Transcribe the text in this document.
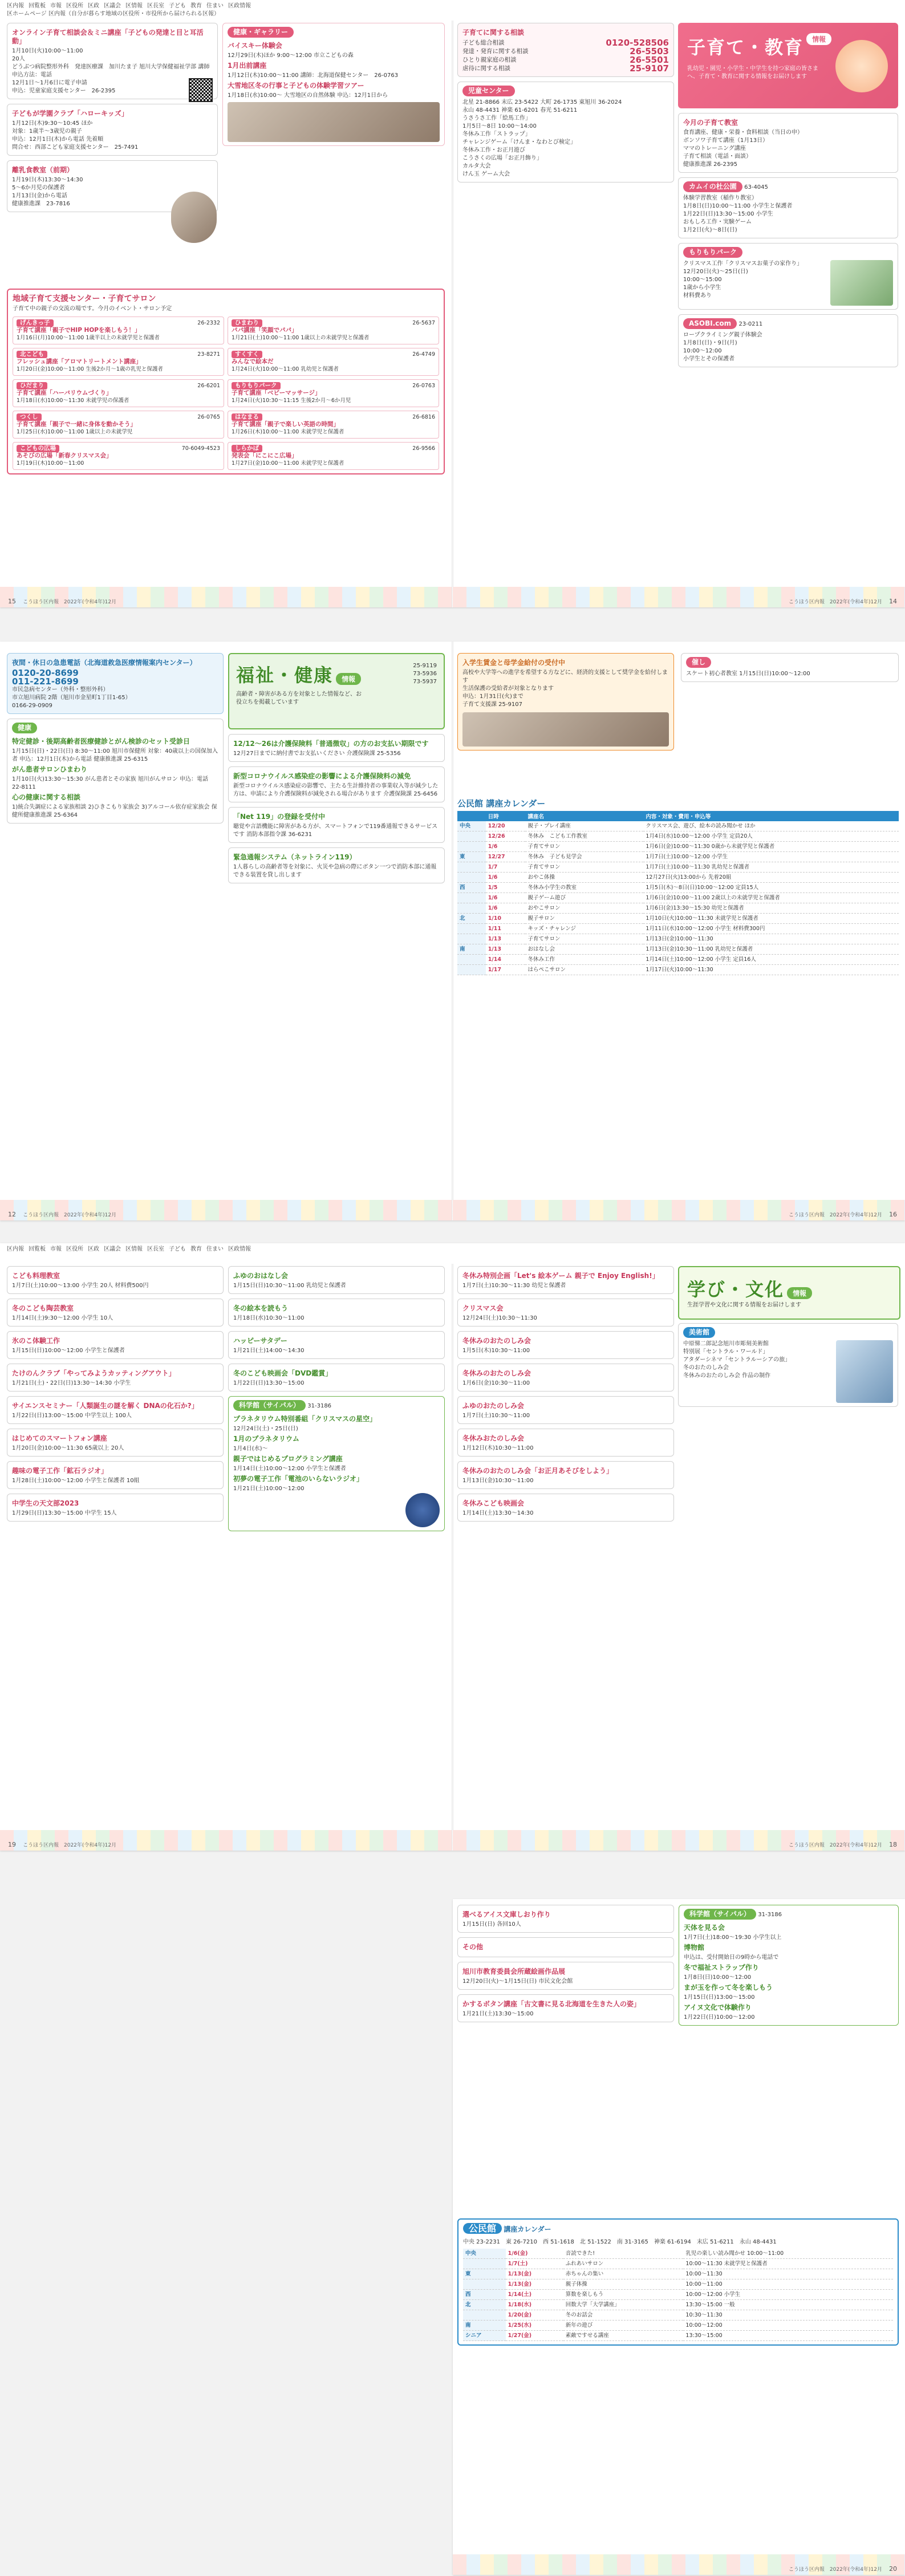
区内報 回覧板 市報 区役所 区政 区議会 区情報 区長室 子ども 教育 住まい 区政情報
区ホームページ 区内報（自分が暮らす地域の区役所・市役所から届けられる区報）
オンライン子育て相談会＆ミニ講座「子どもの発達と目と耳活動」
1月10日(火)10:00～11:00
20人
どうぶつ病院整形外科　発達医療課　加川たま子 旭川大学保健福祉学部 講師
申込方法：電話
12月1日～1月6日に電子申請
申込：児童家庭支援センター　26-2395
子どもが学園クラブ「ハローキッズ」
1月12日(木)9:30～10:45 ほか
対象：1歳半～3歳児の親子
申込：12月1日(木)から電話 先着順
問合せ：西部こども家庭支援センター　25-7491
離乳食教室（前期）
1月19日(木)13:30～14:30
5～6か月児の保護者
1月13日(金)から電話
健康推進課　23-7816
健康・ギャラリー
バイスキー体験会
12月29日(木)ほか 9:00～12:00 市立こどもの森
1月出前講座
1月12日(木)10:00～11:00 講師：北海道保健センター　26-0763
大雪地区冬の行事と子どもの体験学習ツアー
1月18日(水)10:00～ 大雪地区の自然体験 申込：12月1日から
地域子育て支援センター・子育てサロン
子育て中の親子の交流の場です。今月のイベント・サロン予定
げんきっ子	26-2332
子育て講座「親子でHIP HOPを楽しもう！」
1月16日(月)10:00～11:00 1歳半以上の未就学児と保護者
ひまわり	26-5637
パパ講座「笑顔でパパ」
1月21日(土)10:00～11:00 1歳以上の未就学児と保護者
北こども	23-8271
フレッシュ講座「アロマトリートメント講座」
1月20日(金)10:00～11:00 生後2か月～1歳の乳児と保護者
すくすく	26-4749
みんなで絵本だ
1月24日(火)10:00～11:00 乳幼児と保護者
ひだまり	26-6201
子育て講座「ハーバリウムづくり」
1月18日(水)10:00～11:30 未就学児の保護者
もりもりパーク	26-0763
子育て講座「ベビーマッサージ」
1月24日(火)10:30～11:15 生後2か月～6か月児
つくし	26-0765
子育て講座「親子で一緒に身体を動かそう」
1月25日(水)10:00～11:00 1歳以上の未就学児
はなまる	26-6816
子育て講座「親子で楽しい英語の時間」
1月26日(木)10:00～11:00 未就学児と保護者
こどもの広場	70-6049-4523
あそびの広場「新春クリスマス会」
1月19日(木)10:00～11:00
しらかば	26-9566
発表会「にこにこ広場」
1月27日(金)10:00～11:00 未就学児と保護者
15 こうほう区内報　2022年(令和4年)12月
子育てに関する相談
子ども総合相談	0120-528506
発達・発育に関する相談	26-5503
ひとり親家庭の相談	26-5501
虐待に関する相談	25-9107
児童センター
北星 21-8866 末広 23-5422 大町 26-1735 東旭川 36-2024
永山 48-4431 神楽 61-6201 春光 51-6211
うさうさ工作「絵馬工作」
1月5日～8日 10:00～14:00
冬休み工作「ストラップ」
チャレンジゲーム「けんま・なわとび検定」
冬休み工作・お正月遊び
こうさくの広場「お正月飾り」
カルタ大会
けん玉 ゲーム大会
子育て・教育 情報
乳幼児・園児・小学生・中学生を持つ家庭の皆さまへ、子育て・教育に関する情報をお届けします
今月の子育て教室
食育講座、健康・栄養・食料相談（当日の申）
ボンソワ子育て講座（1月13日）
ママのトレーニング講座
子育て相談（電話・面談）
健康推進課 26-2395
カムイの杜公園 63-4045
体験学習教室（稲作り教室）
1月8日(日)10:00～11:00 小学生と保護者
1月22日(日)13:30～15:00 小学生
おもしろ工作・実験ゲーム
1月2日(火)～8日(日)
もりもりパーク
クリスマス工作「クリスマスお菓子の家作り」
12月20日(火)～25日(日)
10:00～15:00
1歳から小学生
材料費あり
ASOBI.com 23-0211
ロープクライミング親子体験会
1月8日(日)・9日(月)
10:00～12:00
小学生とその保護者
こうほう区内報　2022年(令和4年)12月 14
夜間・休日の急患電話（北海道救急医療情報案内センター）
0120-20-8699
011-221-8699
市民急病センター（外科・整形外科）
市立旭川病院 2階（旭川市金星町1丁目1-65）
0166-29-0909
健康
特定健診・後期高齢者医療健診とがん検診のセット受診日
1月15日(日)・22日(日) 8:30～11:00 旭川市保健所 対象：40歳以上の国保加入者 申込：12月1日(木)から電話 健康推進課 25-6315
がん患者サロンひまわり
1月10日(火)13:30～15:30 がん患者とその家族 旭川がんサロン 申込：電話 22-8111
心の健康に関する相談
1)統合失調症による家族相談 2)ひきこもり家族会 3)アルコール依存症家族会 保健所健康推進課 25-6364
福祉・健康 情報
高齢者・障害がある方を対象とした情報など、お役立ちを掲載しています
25-9119
73-5936
73-5937
12/12～26は介護保険料「普通徴収」の方のお支払い期限です
12月27日までに納付書でお支払いください 介護保険課 25-5356
新型コロナウイルス感染症の影響による介護保険料の減免
新型コロナウイルス感染症の影響で、主たる生計維持者の事業収入等が減少した方は、申請により介護保険料が減免される場合があります 介護保険課 25-6456
「Net 119」の登録を受付中
聴覚や言語機能に障害がある方が、スマートフォンで119番通報できるサービスです 消防本部指令課 36-6231
緊急通報システム（ネットライン119）
1人暮らしの高齢者等を対象に、火災や急病の際にボタン一つで消防本部に通報できる装置を貸し出します
12 こうほう区内報　2022年(令和4年)12月
入学生賃金と母学金給付の受付中
高校や大学等への進学を希望する方などに、経済的支援として奨学金を給付します
生活保護の受給者が対象となります
申込：1月31日(火)まで
子育て支援課 25-9107
催し
スケート初心者教室 1月15日(日)10:00～12:00
公民館 講座カレンダー
	日時	講座名	内容・対象・費用・申込等
中央	12/20	親子・プレイ講座	クリスマス会、遊び、絵本の読み聞かせ ほか
	12/26	冬休み　こども工作教室	1月4日(水)10:00～12:00 小学生 定員20人
	1/6	子育てサロン	1月6日(金)10:00～11:30 0歳から未就学児と保護者
東	12/27	冬休み　子ども見学会	1月7日(土)10:00～12:00 小学生
	1/7	子育てサロン	1月7日(土)10:00～11:30 乳幼児と保護者
	1/6	おやこ体操	12月27日(火)13:00から 先着20組
西	1/5	冬休み小学生の教室	1月5日(木)～8日(日)10:00～12:00 定員15人
	1/6	親子ゲーム遊び	1月6日(金)10:00～11:00 2歳以上の未就学児と保護者
	1/6	おやこサロン	1月6日(金)13:30～15:30 幼児と保護者
北	1/10	親子サロン	1月10日(火)10:00～11:30 未就学児と保護者
	1/11	キッズ・チャレンジ	1月11日(水)10:00～12:00 小学生 材料費300円
	1/13	子育てサロン	1月13日(金)10:00～11:30
南	1/13	おはなし会	1月13日(金)10:30～11:00 乳幼児と保護者
	1/14	冬休み工作	1月14日(土)10:00～12:00 小学生 定員16人
	1/17	はらぺこサロン	1月17日(火)10:00～11:30
こうほう区内報　2022年(令和4年)12月 16
区内報 回覧板 市報 区役所 区政 区議会 区情報 区長室 子ども 教育 住まい 区政情報
こども料理教室
1月7日(土)10:00～13:00 小学生 20人 材料費500円
冬のこども陶芸教室
1月14日(土)9:30～12:00 小学生 10人
氷のこ体験工作
1月15日(日)10:00～12:00 小学生と保護者
たけのんクラブ「やってみようカッティングアウト」
1月21日(土)・22日(日)13:30～14:30 小学生
サイエンスセミナー「人類誕生の謎を解く DNAの化石か?」
1月22日(日)13:00～15:00 中学生以上 100人
はじめてのスマートフォン講座
1月20日(金)10:00～11:30 65歳以上 20人
趣味の電子工作「鉱石ラジオ」
1月28日(土)10:00～12:00 小学生と保護者 10組
中学生の天文部2023
1月29日(日)13:30～15:00 中学生 15人
ふゆのおはなし会
1月15日(日)10:30～11:00 乳幼児と保護者
冬の絵本を読もう
1月18日(水)10:30～11:00
ハッピーサタデー
1月21日(土)14:00～14:30
冬のこども映画会「DVD鑑賞」
1月22日(日)13:30～15:00
科学館（サイパル） 31-3186
プラネタリウム特別番組「クリスマスの星空」
12月24日(土)・25日(日)
1月のプラネタリウム
1月4日(水)～
親子ではじめるプログラミング講座
1月14日(土)10:00～12:00 小学生と保護者
初夢の電子工作「電池のいらないラジオ」
1月21日(土)10:00～12:00
19 こうほう区内報　2022年(令和4年)12月
冬休み特別企画「Let's 絵本ゲーム 親子で Enjoy English!」
1月7日(土)10:30～11:30 幼児と保護者
クリスマス会
12月24日(土)10:30～11:30
冬休みのおたのしみ会
1月5日(木)10:30～11:00
冬休みのおたのしみ会
1月6日(金)10:30～11:00
ふゆのおたのしみ会
1月7日(土)10:30～11:00
冬休みおたのしみ会
1月12日(木)10:30～11:00
冬休みのおたのしみ会「お正月あそびをしよう」
1月13日(金)10:30～11:00
冬休みこども映画会
1月14日(土)13:30～14:30
学び・文化 情報
生涯学習や文化に関する情報をお届けします
美術館
中原悌二郎記念旭川市彫刻美術館
特別展「セントラル・ワールド」
アタダーシネマ「セントラルーシアの旅」
冬のおたのしみ会
冬休みのおたのしみ会 作品の制作
こうほう区内報　2022年(令和4年)12月 18
選べるアイス文庫しおり作り
1月15日(日) 各回10人
その他
旭川市教育委員会所蔵絵画作品展
12月20日(火)～1月15日(日) 市民文化会館
かするボタン講座「古文書に見る北海道を生きた人の姿」
1月21日(土)13:30～15:00
科学館（サイパル） 31-3186
天体を見る会
1月7日(土)18:00～19:30 小学生以上
博物館
申込は、受付開始日の9時から電話で
冬で福祉ストラップ作り
1月8日(日)10:00～12:00
まが玉を作って冬を楽しもう
1月15日(日)13:00～15:00
アイヌ文化で体験作り
1月22日(日)10:00～12:00
公民館 講座カレンダー
中央 23-2231 東 26-7210 西 51-1618 北 51-1522 南 31-3165 神楽 61-6194 末広 51-6211 永山 48-4431
中央	1/6(金)	音読できた!	乳児の楽しい読み聞かせ 10:00～11:00
	1/7(土)	ふれあいサロン	10:00～11:30 未就学児と保護者
東	1/13(金)	赤ちゃんの集い	10:00～11:30
	1/13(金)	親子体操	10:00～11:00
西	1/14(土)	算数を楽しもう	10:00～12:00 小学生
北	1/18(水)	回数大学「大学講座」	13:30～15:00 一般
	1/20(金)	冬のお話会	10:30～11:30
南	1/25(水)	新年の遊び	10:00～12:00
シニア	1/27(金)	素敵ですせる講座	13:30～15:00
こうほう区内報　2022年(令和4年)12月 20
